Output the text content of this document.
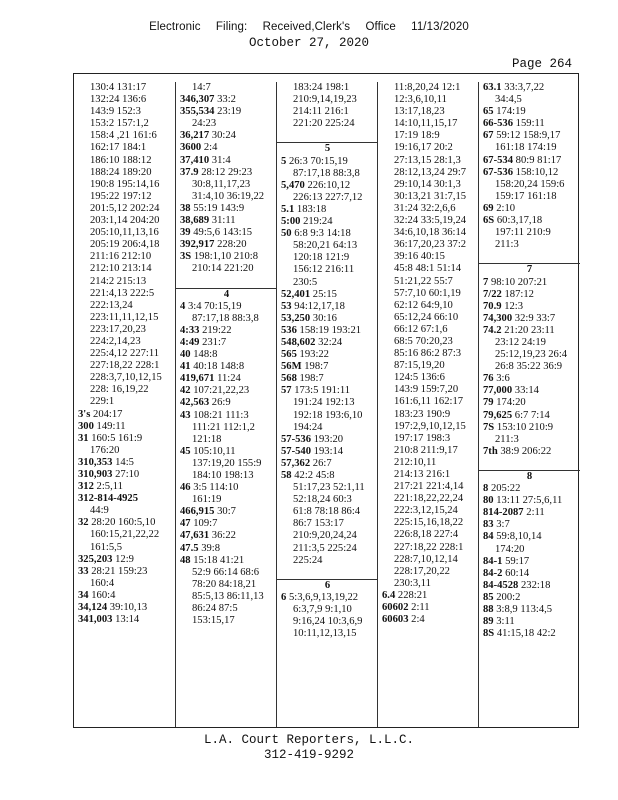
Electronic Filing: Received,Clerk's Office 11/13/2020
October 27, 2020
Page 264
130:4 131:17
132:24 136:6
143:9 152:3
153:2 157:1,2
158:4 ,21 161:6
162:17 184:1
186:10 188:12
188:24 189:20
190:8 195:14,16
195:22 197:12
201:5,12 202:24
203:1,14 204:20
205:10,11,13,16
205:19 206:4,18
211:16 212:10
212:10 213:14
214:2 215:13
221:4,13 222:5
222:13,24
223:11,11,12,15
223:17,20,23
224:2,14,23
225:4,12 227:11
227:18,22 228:1
228:3,7,10,12,15
228: 16,19,22
229:1
3's 204:17
300 149:11
31 160:5 161:9
176:20
310,353 14:5
310,903 27:10
312 2:5,11
312-814-4925
44:9
32 28:20 160:5,10
160:15,21,22,22
161:5,5
325,203 12:9
33 28:21 159:23
160:4
34 160:4
34,124 39:10,13
341,003 13:14
14:7
346,307 33:2
355,534 23:19
24:23
36,217 30:24
3600 2:4
37,410 31:4
37.9 28:12 29:23
30:8,11,17,23
31:4,10 36:19,22
38 55:19 143:9
38,689 31:11
39 49:5,6 143:15
392,917 228:20
3S 198:1,10 210:8
210:14 221:20
4
4 3:4 70:15,19
87:17,18 88:3,8
4:33 219:22
4:49 231:7
40 148:8
41 40:18 148:8
419,671 11:24
42 107:21,22,23
42,563 26:9
43 108:21 111:3
111:21 112:1,2
121:18
45 105:10,11
137:19,20 155:9
184:10 198:13
46 3:5 114:10
161:19
466,915 30:7
47 109:7
47,631 36:22
47.5 39:8
48 15:18 41:21
52:9 66:14 68:6
78:20 84:18,21
85:5,13 86:11,13
86:24 87:5
153:15,17
183:24 198:1
210:9,14,19,23
214:11 216:1
221:20 225:24
5
5 26:3 70:15,19
87:17,18 88:3,8
5,470 226:10,12
226:13 227:7,12
5.1 183:18
5:00 219:24
50 6:8 9:3 14:18
58:20,21 64:13
120:18 121:9
156:12 216:11
230:5
52,401 25:15
53 94:12,17,18
53,250 30:16
536 158:19 193:21
548,602 32:24
565 193:22
56M 198:7
568 198:7
57 173:5 191:11
191:24 192:13
192:18 193:6,10
194:24
57-536 193:20
57-540 193:14
57,362 26:7
58 42:2 45:8
51:17,23 52:1,11
52:18,24 60:3
61:8 78:18 86:4
86:7 153:17
210:9,20,24,24
211:3,5 225:24
225:24
6
6 5:3,6,9,13,19,22
6:3,7,9 9:1,10
9:16,24 10:3,6,9
10:11,12,13,15
11:8,20,24 12:1
12:3,6,10,11
13:17,18,23
14:10,11,15,17
17:19 18:9
19:16,17 20:2
27:13,15 28:1,3
28:12,13,24 29:7
29:10,14 30:1,3
30:13,21 31:7,15
31:24 32:2,6,6
32:24 33:5,19,24
34:6,10,18 36:14
36:17,20,23 37:2
39:16 40:15
45:8 48:1 51:14
51:21,22 55:7
57:7,10 60:1,19
62:12 64:9,10
65:12,24 66:10
66:12 67:1,6
68:5 70:20,23
85:16 86:2 87:3
87:15,19,20
124:5 136:6
143:9 159:7,20
161:6,11 162:17
183:23 190:9
197:2,9,10,12,15
197:17 198:3
210:8 211:9,17
212:10,11
214:13 216:1
217:21 221:4,14
221:18,22,22,24
222:3,12,15,24
225:15,16,18,22
226:8,18 227:4
227:18,22 228:1
228:7,10,12,14
228:17,20,22
230:3,11
6.4 228:21
60602 2:11
60603 2:4
63.1 33:3,7,22
34:4,5
65 174:19
66-536 159:11
67 59:12 158:9,17
161:18 174:19
67-534 80:9 81:17
67-536 158:10,12
158:20,24 159:6
159:17 161:18
69 2:10
6S 60:3,17,18
197:11 210:9
211:3
7
7 98:10 207:21
7/22 187:12
70.9 12:3
74,300 32:9 33:7
74.2 21:20 23:11
23:12 24:19
25:12,19,23 26:4
26:8 35:22 36:9
76 3:6
77,000 33:14
79 174:20
79,625 6:7 7:14
7S 153:10 210:9
211:3
7th 38:9 206:22
8
8 205:22
80 13:11 27:5,6,11
814-2087 2:11
83 3:7
84 59:8,10,14
174:20
84-1 59:17
84-2 60:14
84-4528 232:18
85 200:2
88 3:8,9 113:4,5
89 3:11
8S 41:15,18 42:2
L.A. Court Reporters, L.L.C.
312-419-9292
